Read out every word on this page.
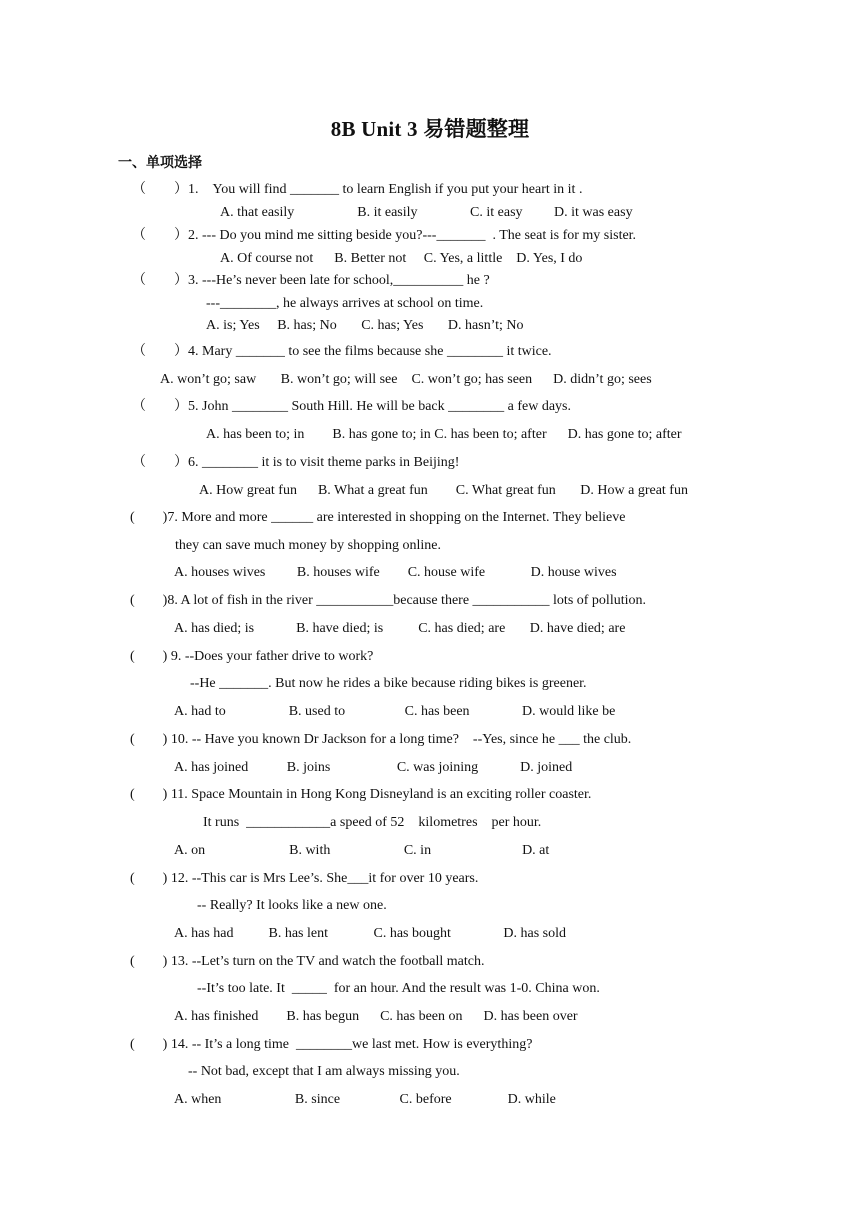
8B Unit 3 易错题整理
一、单项选择
（　　）1.　You will find _______ to learn English if you put your heart in it .
A. that easily                  B. it easily               C. it easy         D. it was easy
（　　）2. --- Do you mind me sitting beside you?---_______  . The seat is for my sister.
A. Of course not      B. Better not     C. Yes, a little    D. Yes, I do
（　　）3. ---He’s never been late for school,__________ he ?
---________, he always arrives at school on time.
A. is; Yes     B. has; No       C. has; Yes       D. hasn’t; No
（　　）4. Mary _______ to see the films because she ________ it twice.
A. won’t go; saw       B. won’t go; will see    C. won’t go; has seen      D. didn’t go; sees
（　　）5. John ________ South Hill. He will be back ________ a few days.
A. has been to; in        B. has gone to; in C. has been to; after      D. has gone to; after
（　　）6. ________ it is to visit theme parks in Beijing!
A. How great fun      B. What a great fun        C. What great fun       D. How a great fun
(        )7. More and more ______ are interested in shopping on the Internet. They believe
they can save much money by shopping online.
A. houses wives         B. houses wife        C. house wife             D. house wives
(        )8. A lot of fish in the river ___________because there ___________ lots of pollution.
A. has died; is            B. have died; is          C. has died; are       D. have died; are
(        ) 9. --Does your father drive to work?
--He _______. But now he rides a bike because riding bikes is greener.
A. had to                  B. used to                 C. has been               D. would like be
(        ) 10. -- Have you known Dr Jackson for a long time?    --Yes, since he ___ the club.
A. has joined           B. joins                   C. was joining            D. joined
(        ) 11. Space Mountain in Hong Kong Disneyland is an exciting roller coaster.
It runs  ____________a speed of 52    kilometres    per hour.
A. on                        B. with                     C. in                          D. at
(        ) 12. --This car is Mrs Lee’s. She___it for over 10 years.
-- Really? It looks like a new one.
A. has had          B. has lent             C. has bought               D. has sold
(        ) 13. --Let’s turn on the TV and watch the football match.
--It’s too late. It  _____  for an hour. And the result was 1-0. China won.
A. has finished        B. has begun      C. has been on      D. has been over
(        ) 14. -- It’s a long time  ________we last met. How is everything?
-- Not bad, except that I am always missing you.
A. when                     B. since                 C. before                D. while
